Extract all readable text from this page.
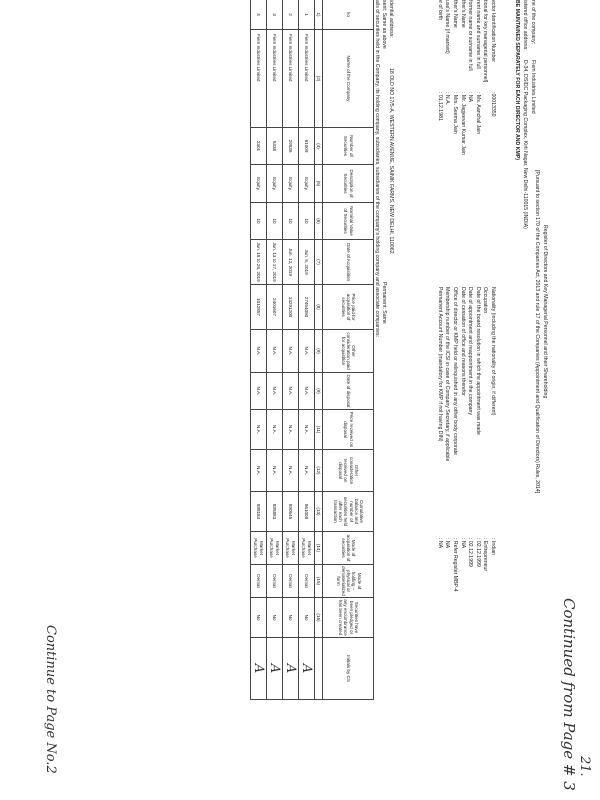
21.
Continued from Page # 3
Continue to Page No.2
Register of Directors and Key Managerial Personnel and their Shareholding
[Pursuant to section 170 of the Companies Act, 2013 and rule 17 of the Companies (Appointment and Qualification of Directors) Rules, 2014]
ne of the company:
Fiem Industries Limited
istered office address:
D-34, DSIDC Packaging Complex, Kirti Nagar, New Delhi-110015 (INDIA)
BE MAINTAINED SEPARATELY FOR EACH DIRECTOR AND KMP)
ector Identification Number
:00013350
tional for key managerial personnel]
rent name and surname in full
: Ms. Aanchal Jain
former name or surname in full
: NA
ther's Name
: Mr. Jagjeevan Kumar Jain
ther's Name
: Mrs. Seema Jain
use's Name (if married)
: N.A.
e of birth
: 01.12.1981
Nationality (including the nationality of origin, if different)
: Indian
Occupation
: Entrepreneur
Date of the board resolution in which the appointment was made
: 02.12.1999
Date of appointment and reappointment in the company
: 02.12.1999
Date of cessation of office and reasons therefor
: NA
Office of director or KMP held or relinquished in any other body corporate
: Refer Register MBP-4
Membership number of the ICSI in case of Company Secretary, if applicable
: NA
Permanent Account Number (mandatory for KMP if not having DIN)
: NA
idential address:
18 OLD NO 17/5-A, WESTERN AVENUE, SAINIK FARMS, NEW DELHI, 110062
sent: Same as above
Permanent: Same
ails of securities held in the Company, its holding company, subsidiaries, subsidiaries of the company's holding company and associate companies:
ko
1)
Name of the Company
(2)
Number of Securities
(4)
Description of Securities
(5)
Nominal Value of Securities
(6)
Date of Acquisition
(7)
Price paid for acquisition of securities
(8)
Other consideration paid for acquisition
(9)
Date of disposal
(9)
Price received on disposal
(11)
Other consideration received on disposal
(12)
Cumulative balance and number of securities held after each transaction
(13)
Mode of acquisition of securities
(14)
Mode of holding – physical or dematerialized form
(15)
Securities have been pledged or any encumbrance has been created
(16)
Initials by CS
1
Fiem Industries Limited
61009
Equity
10
Jun. 6, 2019
27454050
N.A.
N.A.
N.A.
N.A.
861009
Market Purchase
Demat
No
A
2
Fiem Industries Limited
29536
Equity
10
Jun. 12, 2019
13291200
N.A.
N.A.
N.A.
N.A.
890545
Market Purchase
Demat
No
A
3
Fiem Industries Limited
5338
Equity
10
Jun. 13 to 17, 2019
2401607
N.A.
N.A.
N.A.
N.A.
895883
Market Purchase
Demat
No
A
4
Fiem Industries Limited
2301
Equity
10
Jun. 18 to 28, 2019
1012857
N.A.
N.A.
N.A.
N.A.
898184
Market Purchase
Demat
No
A
